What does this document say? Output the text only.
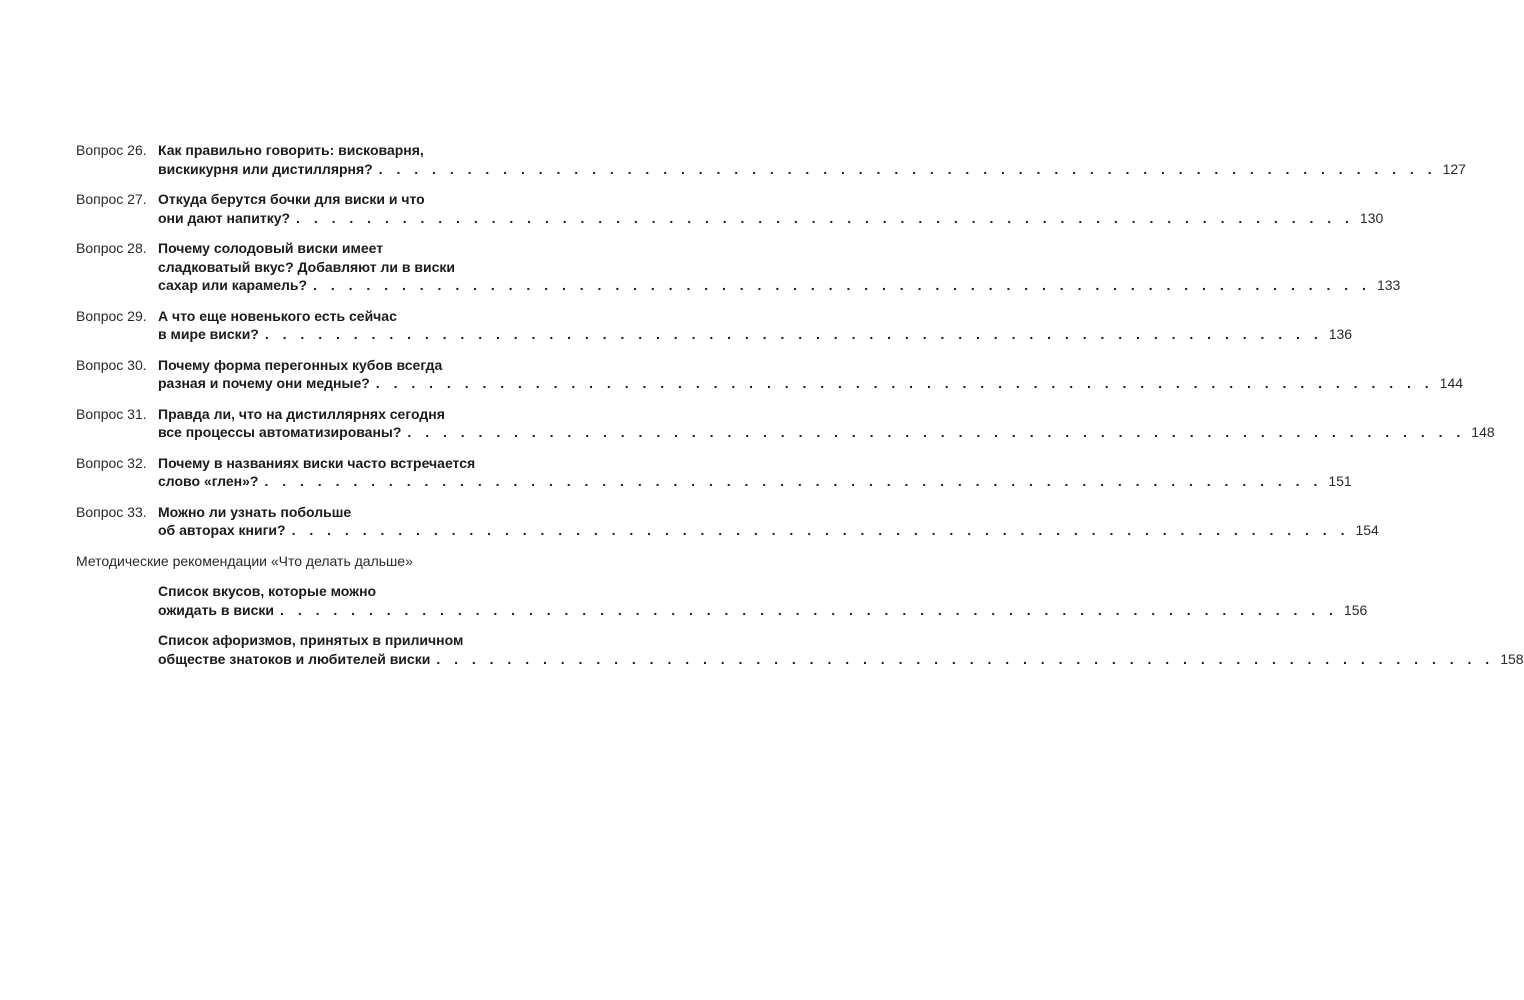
Вопрос 26. Как правильно говорить: висковарня,
вискикурня или дистиллярня? . . . . . . . . . . . . . . . . . . . . . . . . . . . . . . . . . . . . . . . . . . . . . . . . . . . . . . . . . . . . 127
Вопрос 27. Откуда берутся бочки для виски и что
они дают напитку? . . . . . . . . . . . . . . . . . . . . . . . . . . . . . . . . . . . . . . . . . . . . . . . . . . . . . . . . . . . . 130
Вопрос 28. Почему солодовый виски имеет
сладковатый вкус? Добавляют ли в виски
сахар или карамель? . . . . . . . . . . . . . . . . . . . . . . . . . . . . . . . . . . . . . . . . . . . . . . . . . . . . . . . . . . . . 133
Вопрос 29. А что еще новенького есть сейчас
в мире виски? . . . . . . . . . . . . . . . . . . . . . . . . . . . . . . . . . . . . . . . . . . . . . . . . . . . . . . . . . . . . 136
Вопрос 30. Почему форма перегонных кубов всегда
разная и почему они медные? . . . . . . . . . . . . . . . . . . . . . . . . . . . . . . . . . . . . . . . . . . . . . . . . . . . . . . . . . . . . 144
Вопрос 31. Правда ли, что на дистиллярнях сегодня
все процессы автоматизированы? . . . . . . . . . . . . . . . . . . . . . . . . . . . . . . . . . . . . . . . . . . . . . . . . . . . . . . . . . . . . 148
Вопрос 32. Почему в названиях виски часто встречается
слово «глен»? . . . . . . . . . . . . . . . . . . . . . . . . . . . . . . . . . . . . . . . . . . . . . . . . . . . . . . . . . . . . 151
Вопрос 33. Можно ли узнать побольше
об авторах книги? . . . . . . . . . . . . . . . . . . . . . . . . . . . . . . . . . . . . . . . . . . . . . . . . . . . . . . . . . . . . 154
Методические рекомендации «Что делать дальше»
Список вкусов, которые можно
ожидать в виски . . . . . . . . . . . . . . . . . . . . . . . . . . . . . . . . . . . . . . . . . . . . . . . . . . . . . . . . . . . . 156
Список афоризмов, принятых в приличном
обществе знатоков и любителей виски . . . . . . . . . . . . . . . . . . . . . . . . . . . . . . . . . . . . . . . . . . . . . . . . . . . . . . . . . . . . 158
